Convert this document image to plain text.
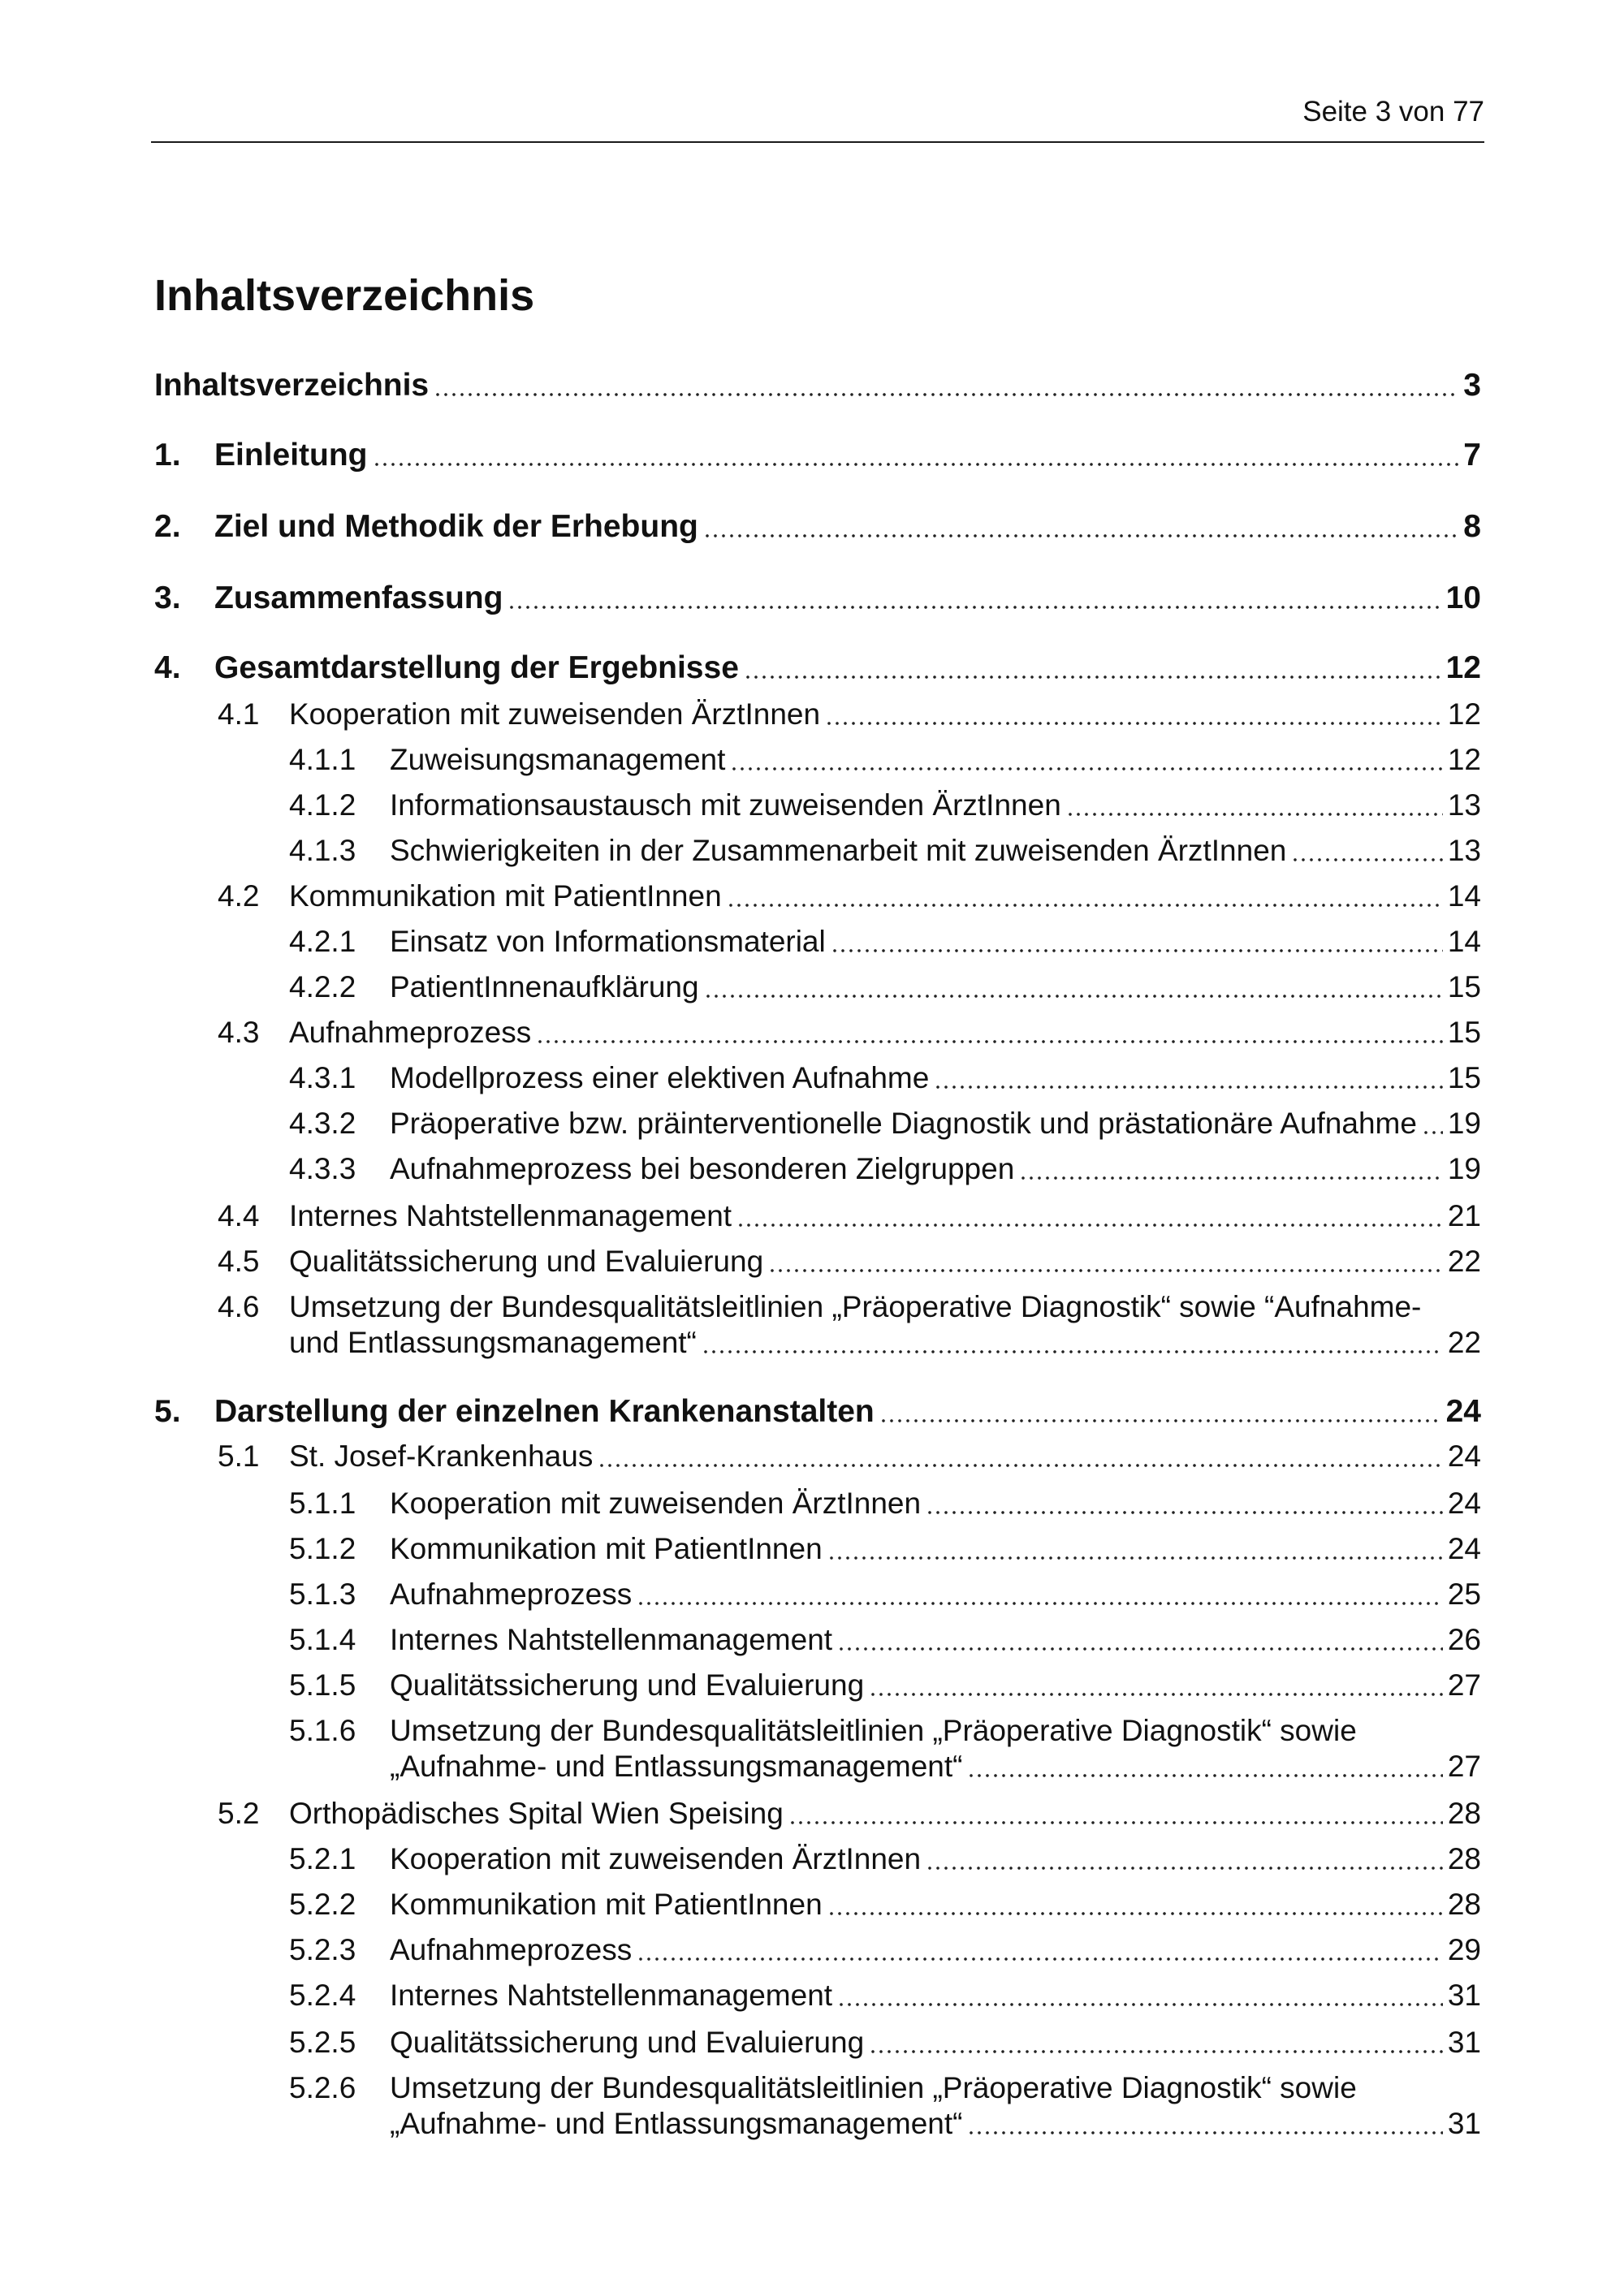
Seite 3 von 77
Inhaltsverzeichnis
Inhaltsverzeichnis	3
1.	Einleitung	7
2.	Ziel und Methodik der Erhebung	8
3.	Zusammenfassung	10
4.	Gesamtdarstellung der Ergebnisse	12
4.1 Kooperation mit zuweisenden ÄrztInnen	12
4.1.1	Zuweisungsmanagement	12
4.1.2	Informationsaustausch mit zuweisenden ÄrztInnen	13
4.1.3	Schwierigkeiten in der Zusammenarbeit mit zuweisenden ÄrztInnen	13
4.2 Kommunikation mit PatientInnen	14
4.2.1	Einsatz von Informationsmaterial	14
4.2.2	PatientInnenaufklärung	15
4.3 Aufnahmeprozess	15
4.3.1	Modellprozess einer elektiven Aufnahme	15
4.3.2	Präoperative bzw. präinterventionelle Diagnostik und prästationäre Aufnahme 19
4.3.3	Aufnahmeprozess bei besonderen Zielgruppen	19
4.4 Internes Nahtstellenmanagement	21
4.5 Qualitätssicherung und Evaluierung	22
4.6 Umsetzung der Bundesqualitätsleitlinien „Präoperative Diagnostik“ sowie “Aufnahme-
und Entlassungsmanagement“	22
5.	Darstellung der einzelnen Krankenanstalten	24
5.1 St. Josef-Krankenhaus	24
5.1.1	Kooperation mit zuweisenden ÄrztInnen	24
5.1.2	Kommunikation mit PatientInnen	24
5.1.3	Aufnahmeprozess	25
5.1.4	Internes Nahtstellenmanagement	26
5.1.5	Qualitätssicherung und Evaluierung	27
5.1.6	Umsetzung der Bundesqualitätsleitlinien „Präoperative Diagnostik“ sowie
„Aufnahme- und Entlassungsmanagement“	27
5.2 Orthopädisches Spital Wien Speising	28
5.2.1	Kooperation mit zuweisenden ÄrztInnen	28
5.2.2	Kommunikation mit PatientInnen	28
5.2.3	Aufnahmeprozess	29
5.2.4	Internes Nahtstellenmanagement	31
5.2.5	Qualitätssicherung und Evaluierung	31
5.2.6	Umsetzung der Bundesqualitätsleitlinien „Präoperative Diagnostik“ sowie
„Aufnahme- und Entlassungsmanagement“	31
